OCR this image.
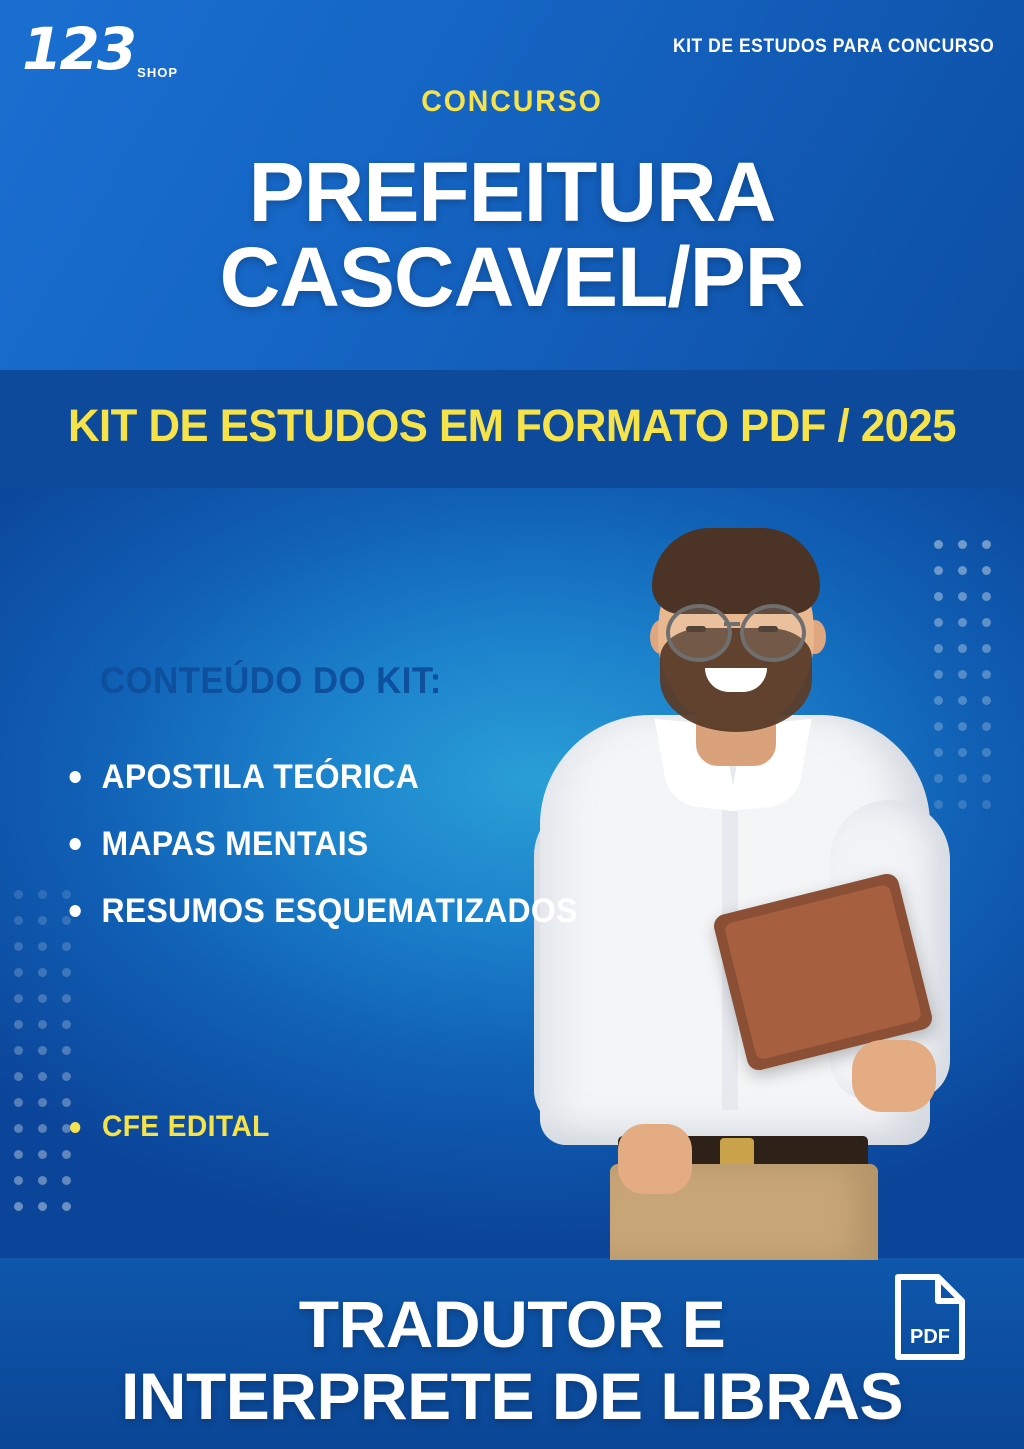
123 SHOP
KIT DE ESTUDOS PARA CONCURSO
CONCURSO
PREFEITURA
CASCAVEL/PR
KIT DE ESTUDOS EM FORMATO PDF / 2025
CONTEÚDO DO KIT:
APOSTILA TEÓRICA
MAPAS MENTAIS
RESUMOS ESQUEMATIZADOS
CFE EDITAL
PDF
TRADUTOR E
INTERPRETE DE LIBRAS
